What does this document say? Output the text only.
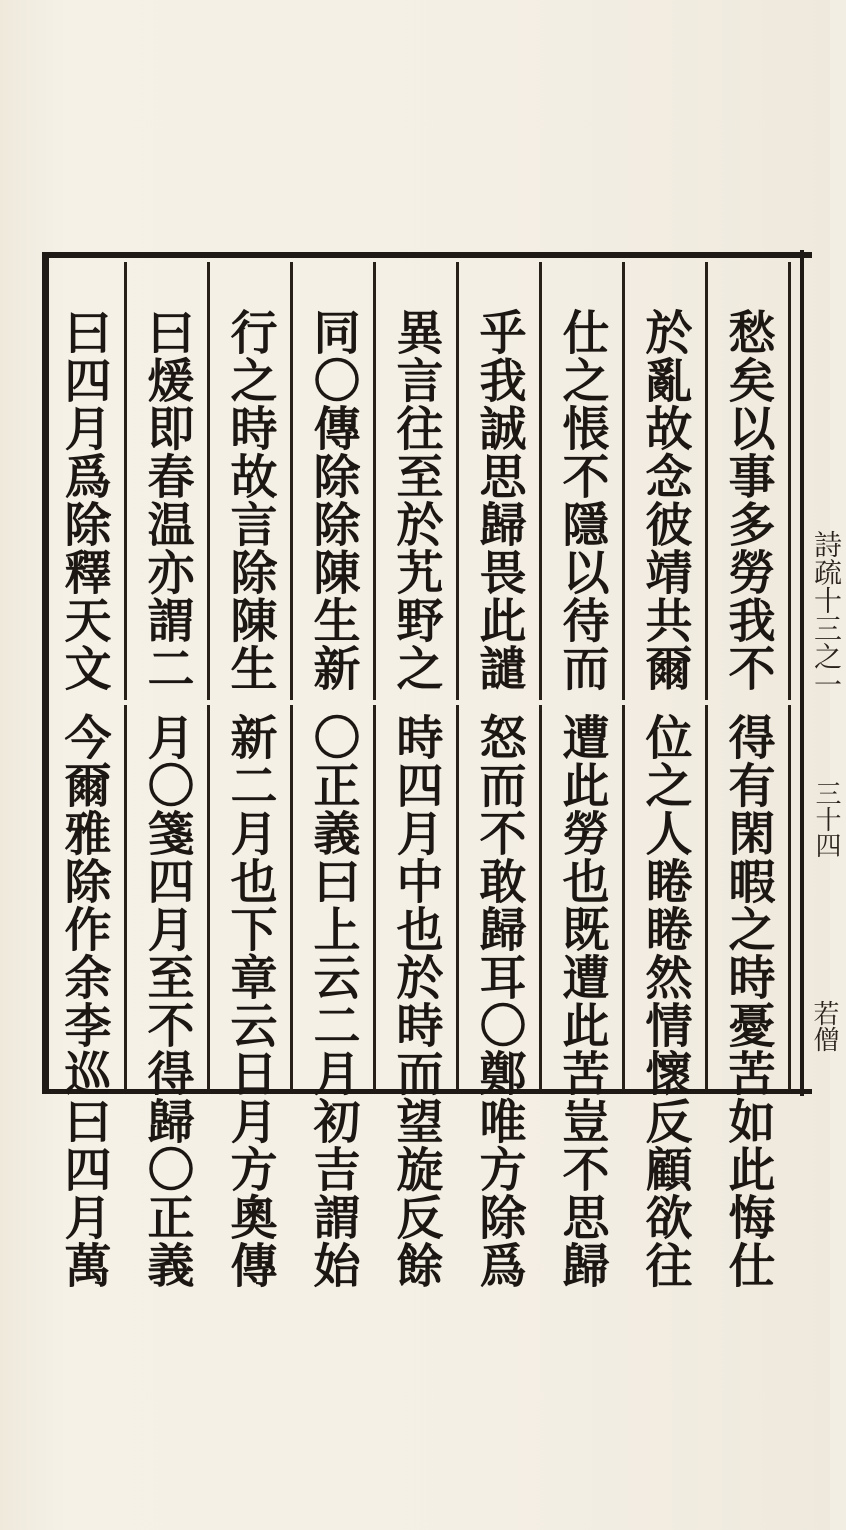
愁矣以事多勞我不
於亂故念彼靖共爾
仕之悵不隱以待而
乎我誠思歸畏此譴
異言往至於艽野之
同〇傳除除陳生新
行之時故言除陳生
曰煖即春温亦謂二
曰四月爲除釋天文
得有閑暇之時憂苦如此悔仕
位之人睠睠然情懷反顧欲往
遭此勞也既遭此苦豈不思歸
怒而不敢歸耳〇鄭唯方除爲
時四月中也於時而望旋反餘
〇正義曰上云二月初吉謂始
新二月也下章云日月方奧傳
月〇箋四月至不得歸〇正義
今爾雅除作余李巡曰四月萬
詩疏十三之一
三十四
若僧
